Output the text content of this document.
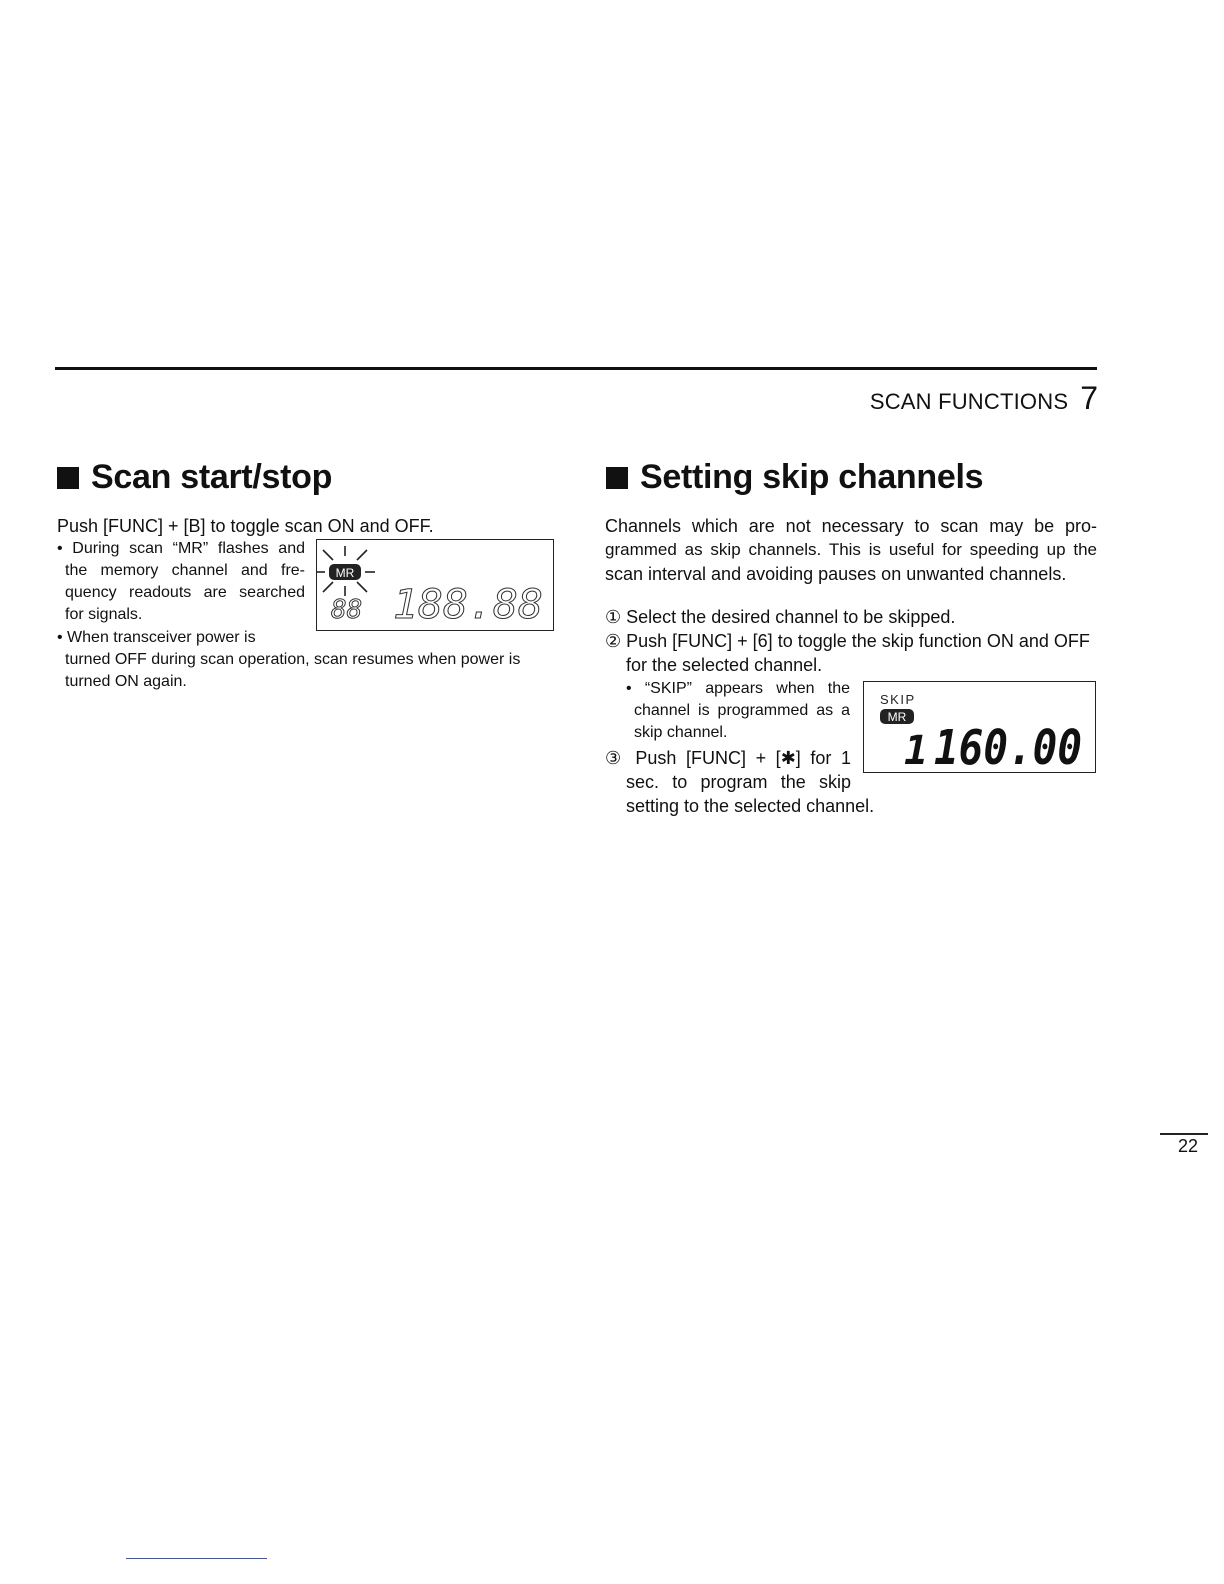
SCAN FUNCTIONS 7
Scan start/stop

Push [FUNC] + [B] to toggle scan ON and OFF.

• During scan “MR” flashes and
the memory channel and fre-
quency readouts are searched
for signals.
• When transceiver power is
turned OFF during scan operation, scan resumes when power is
turned ON again.
MR
88 188.88
Setting skip channels
Channels which are not necessary to scan may be pro-
grammed as skip channels. This is useful for speeding up the
scan interval and avoiding pauses on unwanted channels.

① Select the desired channel to be skipped.

② Push [FUNC] + [6] to toggle the skip function ON and OFF

for the selected channel.

• “SKIP” appears when the
channel is programmed as a
skip channel.
③ Push [FUNC] + [✱] for 1
sec. to program the skip
setting to the selected channel.
SKIP
MR
1 160.00
22
